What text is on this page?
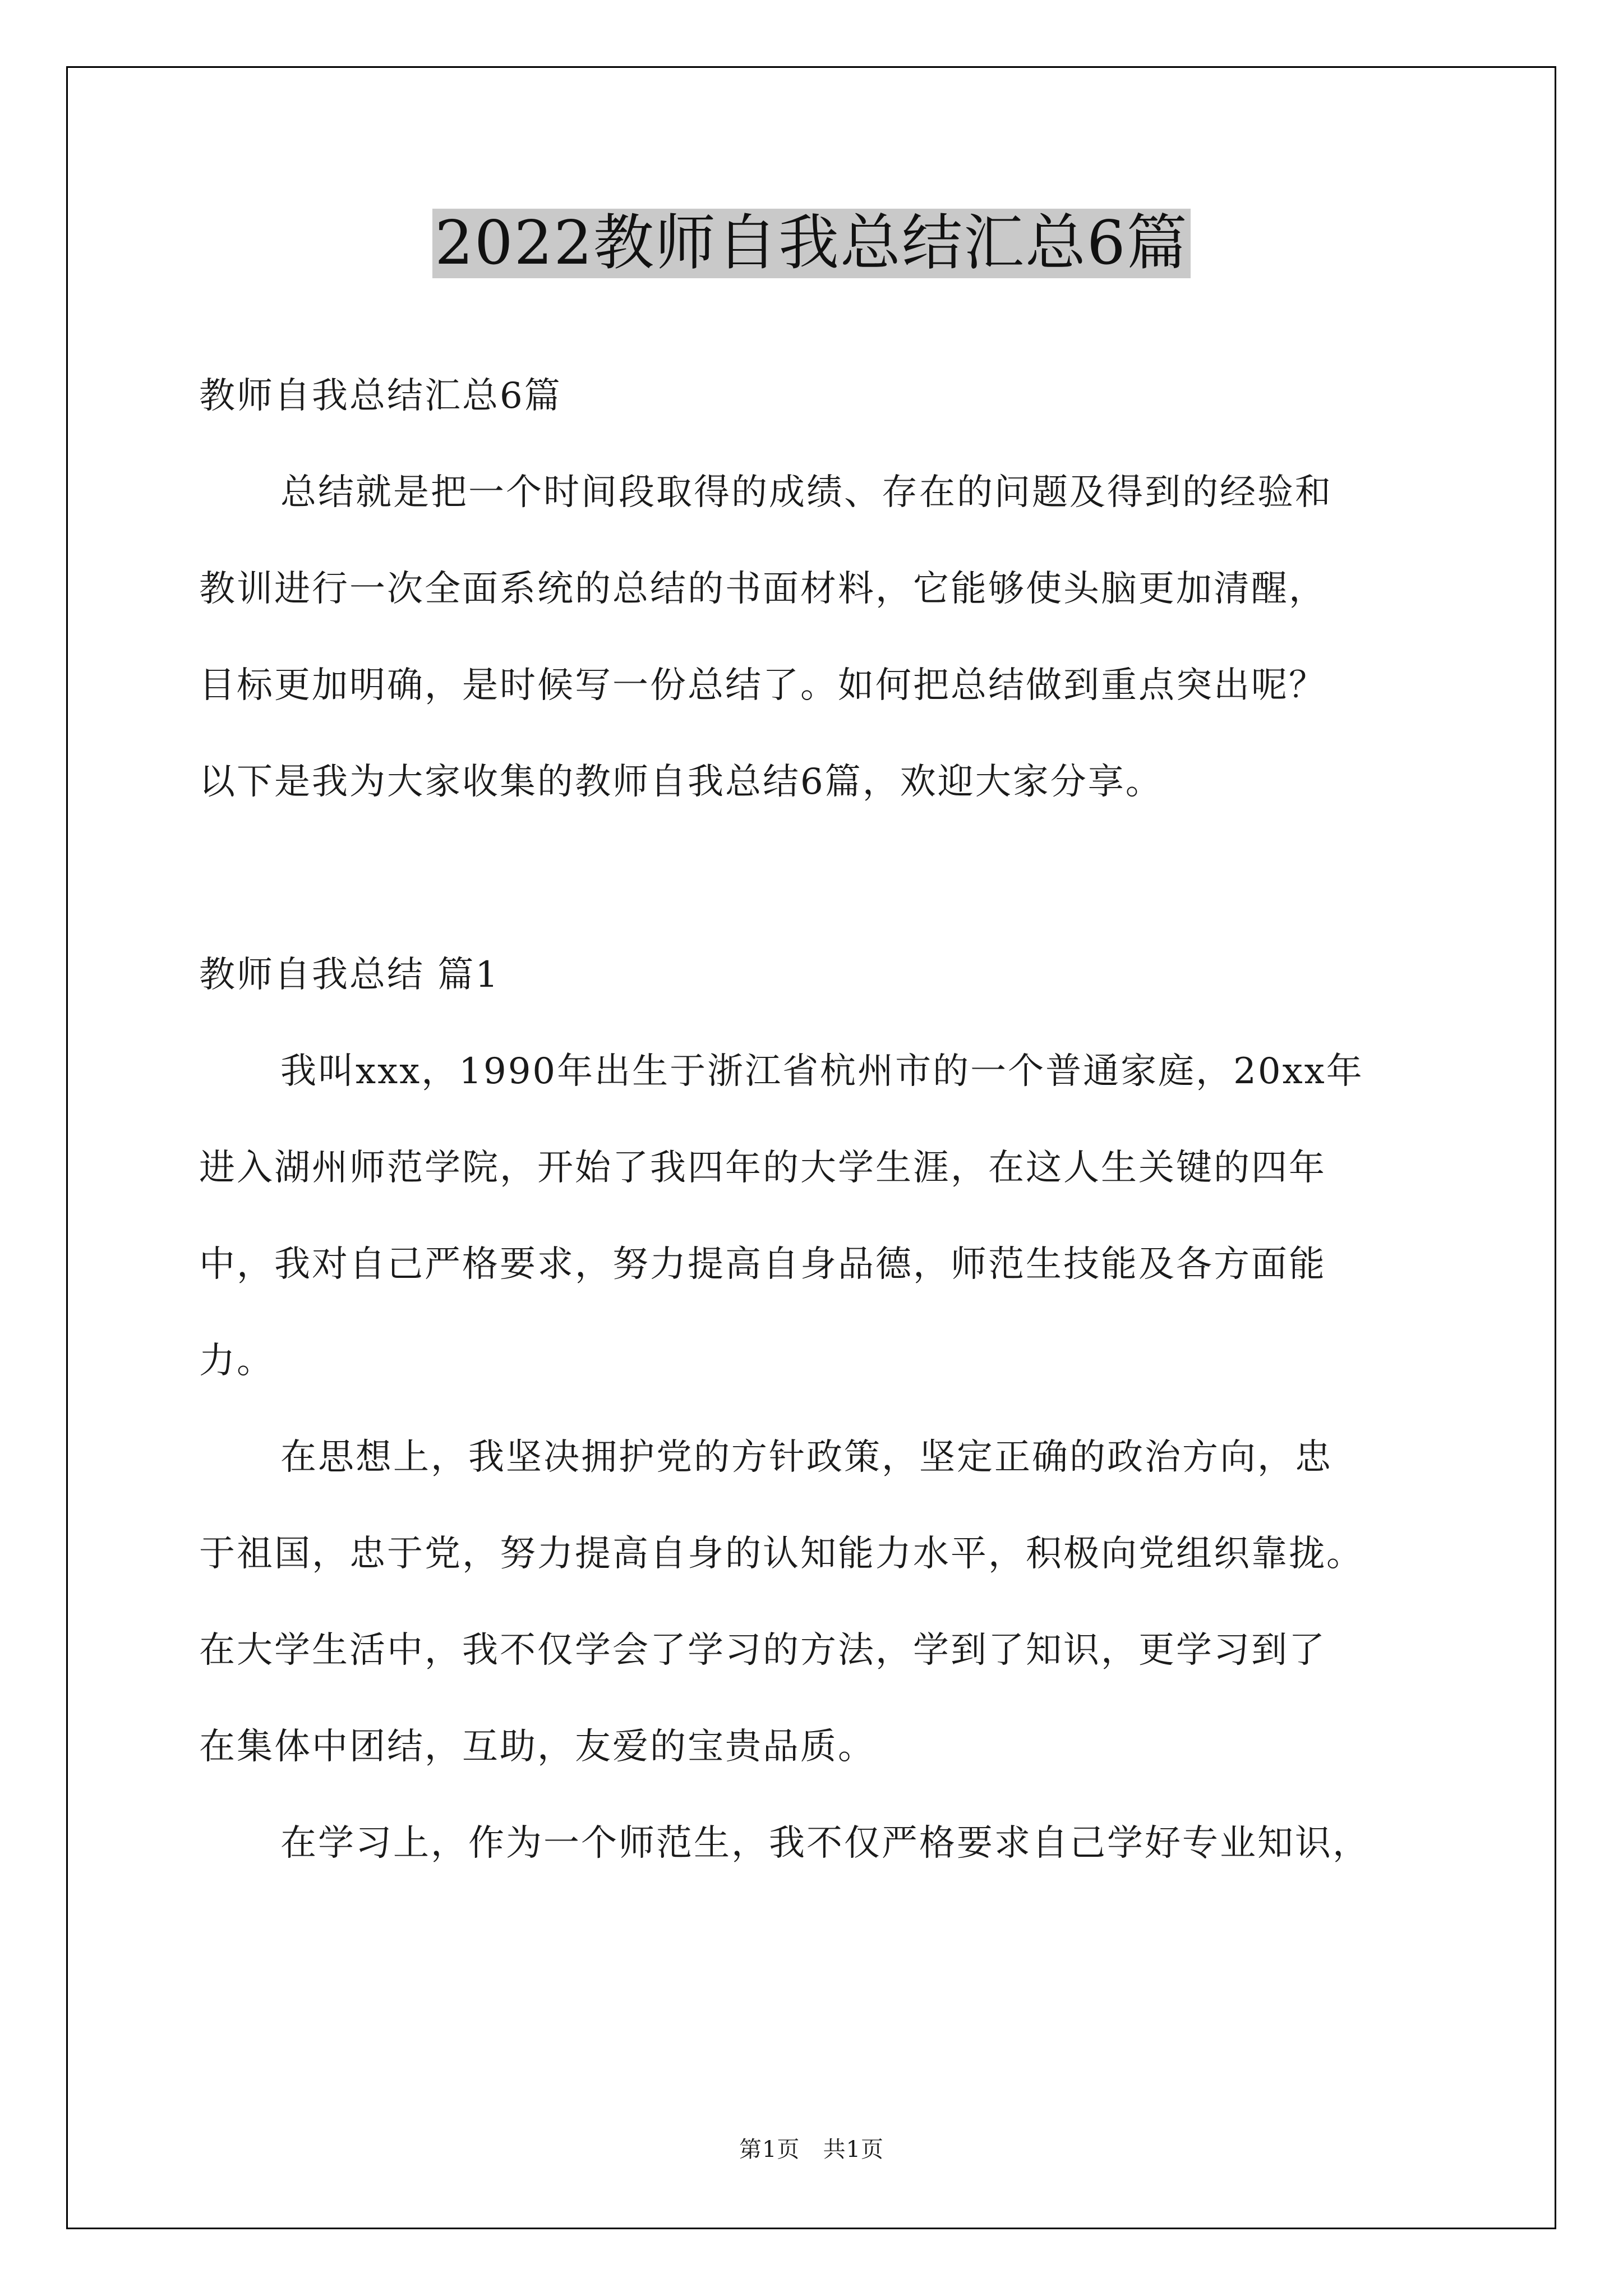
2022教师自我总结汇总6篇
教师自我总结汇总6篇
总结就是把一个时间段取得的成绩、存在的问题及得到的经验和
教训进行一次全面系统的总结的书面材料，它能够使头脑更加清醒，
目标更加明确，是时候写一份总结了。如何把总结做到重点突出呢？
以下是我为大家收集的教师自我总结6篇，欢迎大家分享。
教师自我总结 篇1
我叫xxx，1990年出生于浙江省杭州市的一个普通家庭，20xx年
进入湖州师范学院，开始了我四年的大学生涯，在这人生关键的四年
中，我对自己严格要求，努力提高自身品德，师范生技能及各方面能
力。
在思想上，我坚决拥护党的方针政策，坚定正确的政治方向，忠
于祖国，忠于党，努力提高自身的认知能力水平，积极向党组织靠拢。
在大学生活中，我不仅学会了学习的方法，学到了知识，更学习到了
在集体中团结，互助，友爱的宝贵品质。
在学习上，作为一个师范生，我不仅严格要求自己学好专业知识，
第1页 共1页
